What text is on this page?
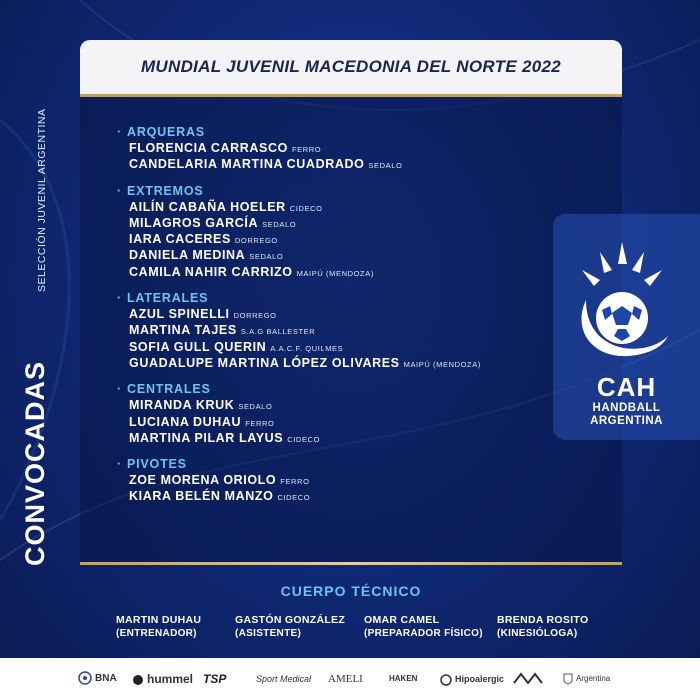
CONVOCADAS
SELECCIÓN JUVENIL ARGENTINA
MUNDIAL JUVENIL MACEDONIA DEL NORTE 2022
· ARQUERAS
FLORENCIA CARRASCO FERRO
CANDELARIA MARTINA CUADRADO SEDALO
· EXTREMOS
AILÍN CABAÑA HOELER CIDECO
MILAGROS GARCÍA SEDALO
IARA CACERES DORREGO
DANIELA MEDINA SEDALO
CAMILA NAHIR CARRIZO MAIPÚ (MENDOZA)
· LATERALES
AZUL SPINELLI DORREGO
MARTINA TAJES S.A.G BALLESTER
SOFIA GULL QUERIN A.A.C.F. QUILMES
GUADALUPE MARTINA LÓPEZ OLIVARES MAIPÚ (MENDOZA)
· CENTRALES
MIRANDA KRUK SEDALO
LUCIANA DUHAU FERRO
MARTINA PILAR LAYUS CIDECO
· PIVOTES
ZOE MORENA ORIOLO FERRO
KIARA BELÉN MANZO CIDECO
CAH
HANDBALL
ARGENTINA
CUERPO TÉCNICO
MARTIN DUHAU
(ENTRENADOR)
GASTÓN GONZÁLEZ
(ASISTENTE)
OMAR CAMEL
(PREPARADOR FÍSICO)
BRENDA ROSITO
(KINESIÓLOGA)
BNA	hummel TSP	Sport Medical AMELI	HAKEN	Hipoalergic	Argentina
